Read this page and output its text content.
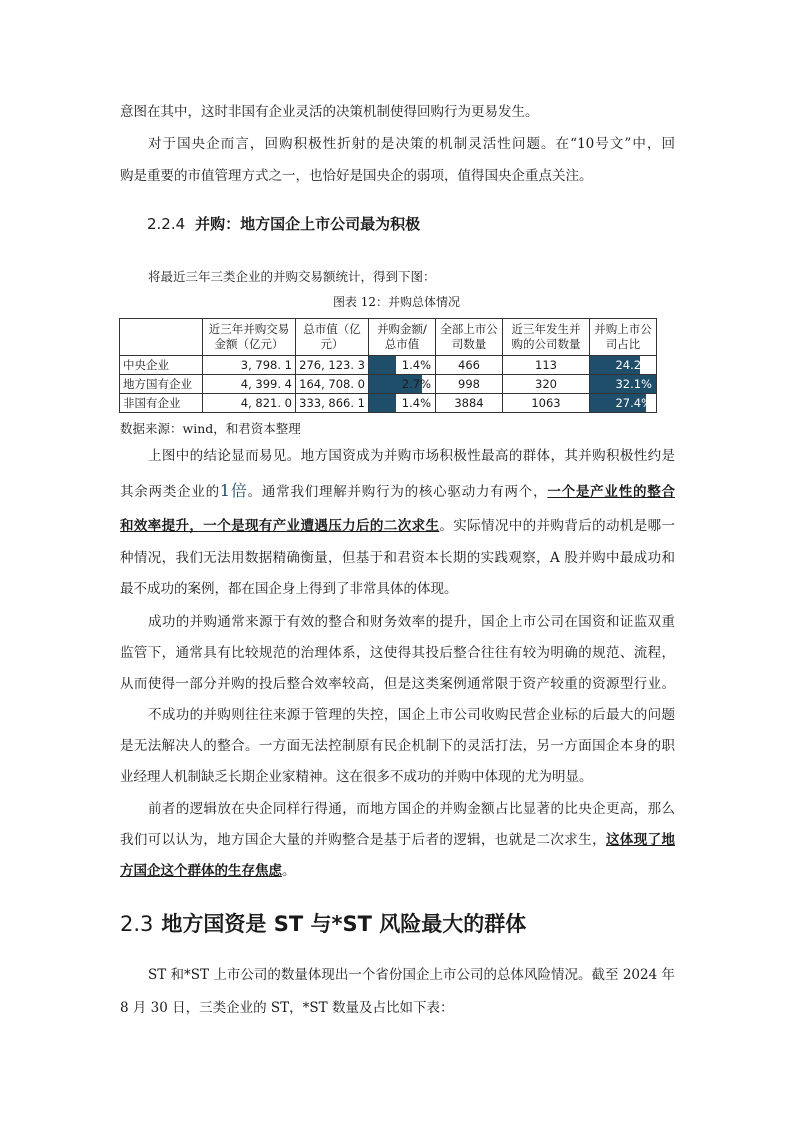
意图在其中，这时非国有企业灵活的决策机制使得回购行为更易发生。
对于国央企而言，回购积极性折射的是决策的机制灵活性问题。在“10号文”中，回
购是重要的市值管理方式之一，也恰好是国央企的弱项，值得国央企重点关注。
2.2.4 并购：地方国企上市公司最为积极
将最近三年三类企业的并购交易额统计，得到下图：
图表 12：并购总体情况
	近三年并购交易金额（亿元）	总市值（亿元）	并购金额/总市值	全部上市公司数量	近三年发生并购的公司数量	并购上市公司占比
中央企业	3, 798. 1	276, 123. 3	1.4%	466	113	24.2%
地方国有企业	4, 399. 4	164, 708. 0	2.7%	998	320	32.1%
非国有企业	4, 821. 0	333, 866. 1	1.4%	3884	1063	27.4%
数据来源：wind，和君资本整理
上图中的结论显而易见。地方国资成为并购市场积极性最高的群体，其并购积极性约是
其余两类企业的1倍。通常我们理解并购行为的核心驱动力有两个，一个是产业性的整合
和效率提升，一个是现有产业遭遇压力后的二次求生。实际情况中的并购背后的动机是哪一
种情况，我们无法用数据精确衡量，但基于和君资本长期的实践观察，A 股并购中最成功和
最不成功的案例，都在国企身上得到了非常具体的体现。
成功的并购通常来源于有效的整合和财务效率的提升，国企上市公司在国资和证监双重
监管下，通常具有比较规范的治理体系，这使得其投后整合往往有较为明确的规范、流程，
从而使得一部分并购的投后整合效率较高，但是这类案例通常限于资产较重的资源型行业。
不成功的并购则往往来源于管理的失控，国企上市公司收购民营企业标的后最大的问题
是无法解决人的整合。一方面无法控制原有民企机制下的灵活打法，另一方面国企本身的职
业经理人机制缺乏长期企业家精神。这在很多不成功的并购中体现的尤为明显。
前者的逻辑放在央企同样行得通，而地方国企的并购金额占比显著的比央企更高，那么
我们可以认为，地方国企大量的并购整合是基于后者的逻辑，也就是二次求生，这体现了地
方国企这个群体的生存焦虑。
2.3 地方国资是 ST 与*ST 风险最大的群体
ST 和*ST 上市公司的数量体现出一个省份国企上市公司的总体风险情况。截至 2024 年
8 月 30 日，三类企业的 ST，*ST 数量及占比如下表：
